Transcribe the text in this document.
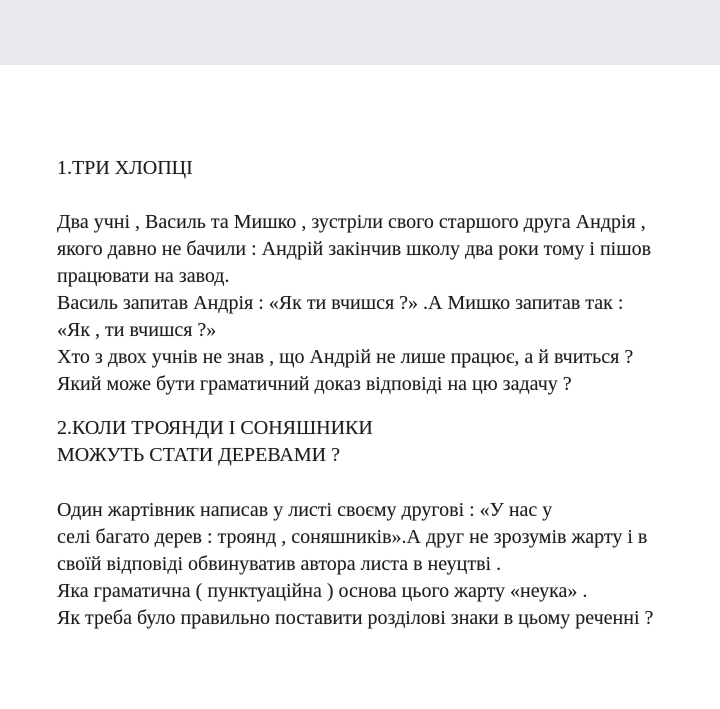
1.ТРИ ХЛОПЦІ
Два учні , Василь та Мишко , зустріли свого старшого друга Андрія ,
якого давно не бачили : Андрій закінчив школу два роки тому і пішов
працювати на завод.
Василь запитав Андрія : «Як ти вчишся ?» .А Мишко запитав так :
«Як , ти вчишся ?»
Хто з двох учнів не знав , що Андрій не лише працює, а й вчиться ?
Який може бути граматичний доказ відповіді на цю задачу ?
2.КОЛИ ТРОЯНДИ І СОНЯШНИКИ
МОЖУТЬ СТАТИ ДЕРЕВАМИ ?
Один жартівник написав у листі своєму другові : «У нас у
селі багато дерев : троянд , соняшників».А друг не зрозумів жарту і в
своїй відповіді обвинуватив автора листа в неуцтві .
Яка граматична ( пунктуаційна ) основа цього жарту «неука» .
Як треба було правильно поставити розділові знаки в цьому реченні ?
